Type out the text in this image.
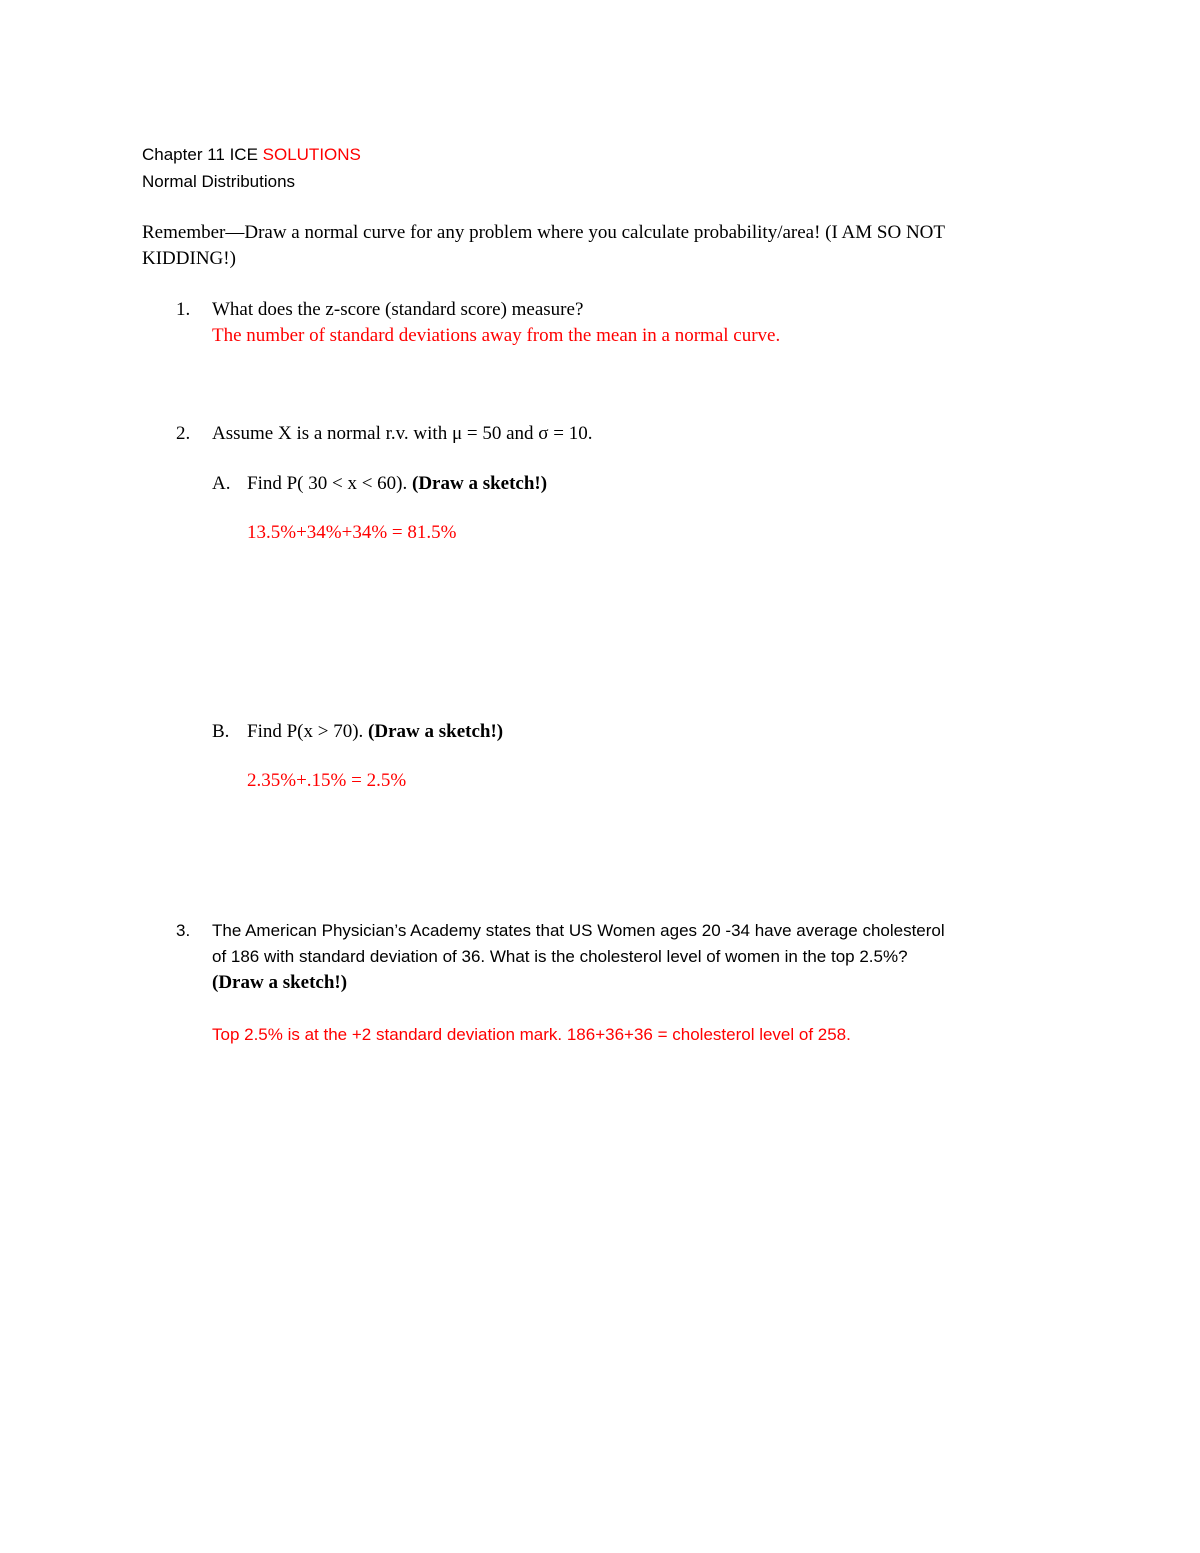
Chapter 11 ICE SOLUTIONS
Normal Distributions
Remember—Draw a normal curve for any problem where you calculate probability/area! (I AM SO NOT
KIDDING!)
1. What does the z-score (standard score) measure?
The number of standard deviations away from the mean in a normal curve.
2. Assume X is a normal r.v. with μ = 50 and σ = 10.
A. Find P( 30 < x < 60). (Draw a sketch!)
13.5%+34%+34% = 81.5%
B. Find P(x > 70). (Draw a sketch!)
2.35%+.15% = 2.5%
3. The American Physician’s Academy states that US Women ages 20 -34 have average cholesterol
of 186 with standard deviation of 36. What is the cholesterol level of women in the top 2.5%?
(Draw a sketch!)
Top 2.5% is at the +2 standard deviation mark. 186+36+36 = cholesterol level of 258.
